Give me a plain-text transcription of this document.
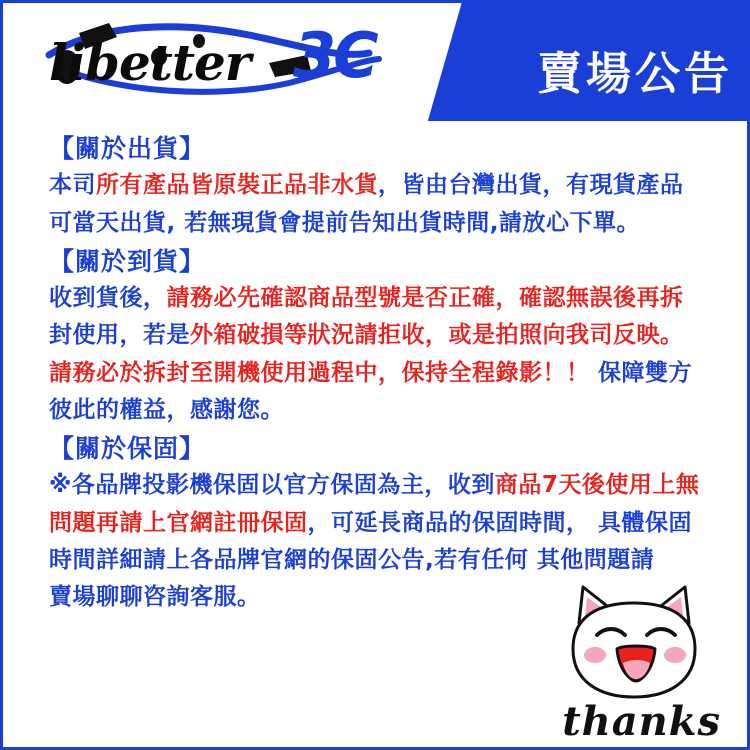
libetter 3C	賣場公告
【關於出貨】
本司所有產品皆原裝正品非水貨，皆由台灣出貨，有現貨產品
可當天出貨, 若無現貨會提前告知出貨時間,請放心下單。
【關於到貨】
收到貨後，請務必先確認商品型號是否正確，確認無誤後再拆
封使用，若是外箱破損等狀況請拒收，或是拍照向我司反映。
請務必於拆封至開機使用過程中，保持全程錄影！！ 保障雙方
彼此的權益，感謝您。
【關於保固】
※各品牌投影機保固以官方保固為主，收到商品7天後使用上無
問題再請上官網註冊保固，可延長商品的保固時間， 具體保固
時間詳細請上各品牌官網的保固公告,若有任何 其他問題請
賣場聊聊咨詢客服。
thanks
